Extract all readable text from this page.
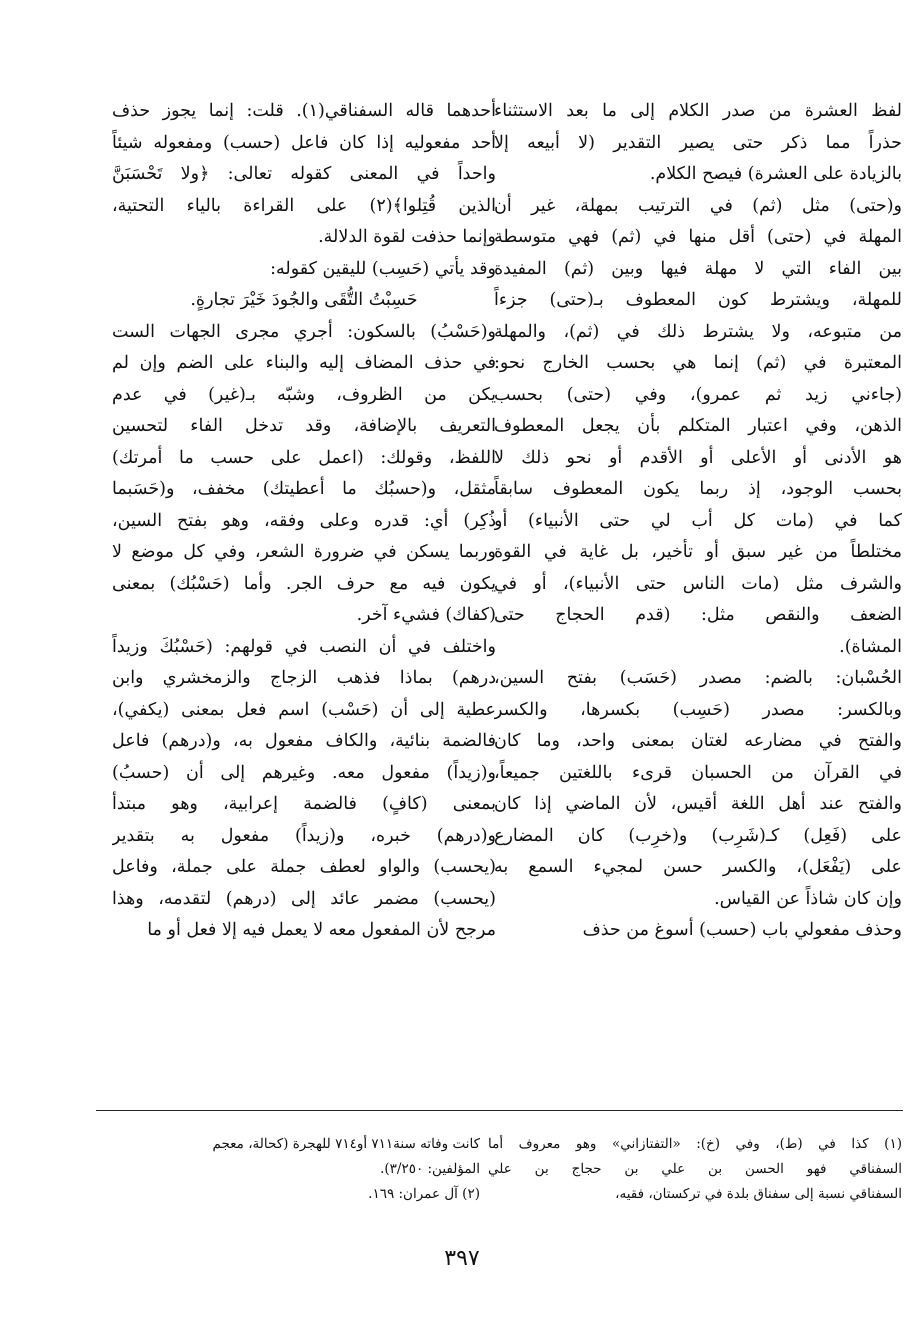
لفظ العشرة من صدر الكلام إلى ما بعد الاستثناء
حذراً مما ذكر حتى يصير التقدير (لا أبيعه إلا
بالزيادة على العشرة) فيصح الكلام.
و(حتى) مثل (ثم) في الترتيب بمهلة، غير أن
المهلة في (حتى) أقل منها في (ثم) فهي متوسطة
بين الفاء التي لا مهلة فيها وبين (ثم) المفيدة
للمهلة، ويشترط كون المعطوف بـ(حتى) جزءاً
من متبوعه، ولا يشترط ذلك في (ثم)، والمهلة
المعتبرة في (ثم) إنما هي بحسب الخارج نحو:
(جاءني زيد ثم عمرو)، وفي (حتى) بحسب
الذهن، وفي اعتبار المتكلم بأن يجعل المعطوف
هو الأدنى أو الأعلى أو الأقدم أو نحو ذلك لا
بحسب الوجود، إذ ربما يكون المعطوف سابقاً
كما في (مات كل أب لي حتى الأنبياء) أو
مختلطاً من غير سبق أو تأخير، بل غاية في القوة
والشرف مثل (مات الناس حتى الأنبياء)، أو في
الضعف والنقص مثل: (قدم الحجاج حتى
المشاة).
الحُسْبان: بالضم: مصدر (حَسَب) بفتح السين،
وبالكسر: مصدر (حَسِب) بكسرها، والكسر
والفتح في مضارعه لغتان بمعنى واحد، وما كان
في القرآن من الحسبان قرىء باللغتين جميعاً،
والفتح عند أهل اللغة أقيس، لأن الماضي إذا كان
على (فَعِل) كـ(شَرِب) و(خرِب) كان المضارع
على (يَفْعَل)، والكسر حسن لمجيء السمع به
وإن كان شاذاً عن القياس.
وحذف مفعولي باب (حسب) أسوغ من حذف
أحدهما قاله السفناقي(١). قلت: إنما يجوز حذف
أحد مفعوليه إذا كان فاعل (حسب) ومفعوله شيئاً
واحداً في المعنى كقوله تعالى: ﴿ولا تَحْسَبَنَّ
الذين قُتِلوا﴾(٢) على القراءة بالياء التحتية،
وإنما حذفت لقوة الدلالة.
وقد يأتي (حَسِب) لليقين كقوله:
حَسِبْتُ التُّقَى والجُودَ خَيْرَ تجارةٍ.
و(حَسْبُ) بالسكون: أجري مجرى الجهات الست
في حذف المضاف إليه والبناء على الضم وإن لم
يكن من الظروف، وشبّه بـ(غير) في عدم
التعريف بالإضافة، وقد تدخل الفاء لتحسين
اللفظ، وقولك: (اعمل على حسب ما أمرتك)
مثقل، و(حسبُك ما أعطيتك) مخفف، و(حَسَبما
ذُكِر) أي: قدره وعلى وفقه، وهو بفتح السين،
وربما يسكن في ضرورة الشعر، وفي كل موضع لا
يكون فيه مع حرف الجر. وأما (حَسْبُك) بمعنى
(كفاك) فشيء آخر.
واختلف في أن النصب في قولهم: (حَسْبُكَ وزيداً
درهم) بماذا فذهب الزجاج والزمخشري وابن
عطية إلى أن (حَسْب) اسم فعل بمعنى (يكفي)،
فالضمة بنائية، والكاف مفعول به، و(درهم) فاعل
و(زيداً) مفعول معه. وغيرهم إلى أن (حسبُ)
بمعنى (كافٍ) فالضمة إعرابية، وهو مبتدأ
و(درهم) خبره، و(زيداً) مفعول به بتقدير
(يحسب) والواو لعطف جملة على جملة، وفاعل
(يحسب) مضمر عائد إلى (درهم) لتقدمه، وهذا
مرجح لأن المفعول معه لا يعمل فيه إلا فعل أو ما
(١) كذا في (ط)، وفي (خ): «التفتازاني» وهو معروف أما
السفناقي فهو الحسن بن علي بن حجاج بن علي
السفناقي نسبة إلى سفناق بلدة في تركستان، فقيه،
كانت وفاته سنة٧١١ أو٧١٤ للهجرة (كحالة، معجم
المؤلفين: ٣/٢٥٠).
(٢) آل عمران: ١٦٩.
٣٩٧
